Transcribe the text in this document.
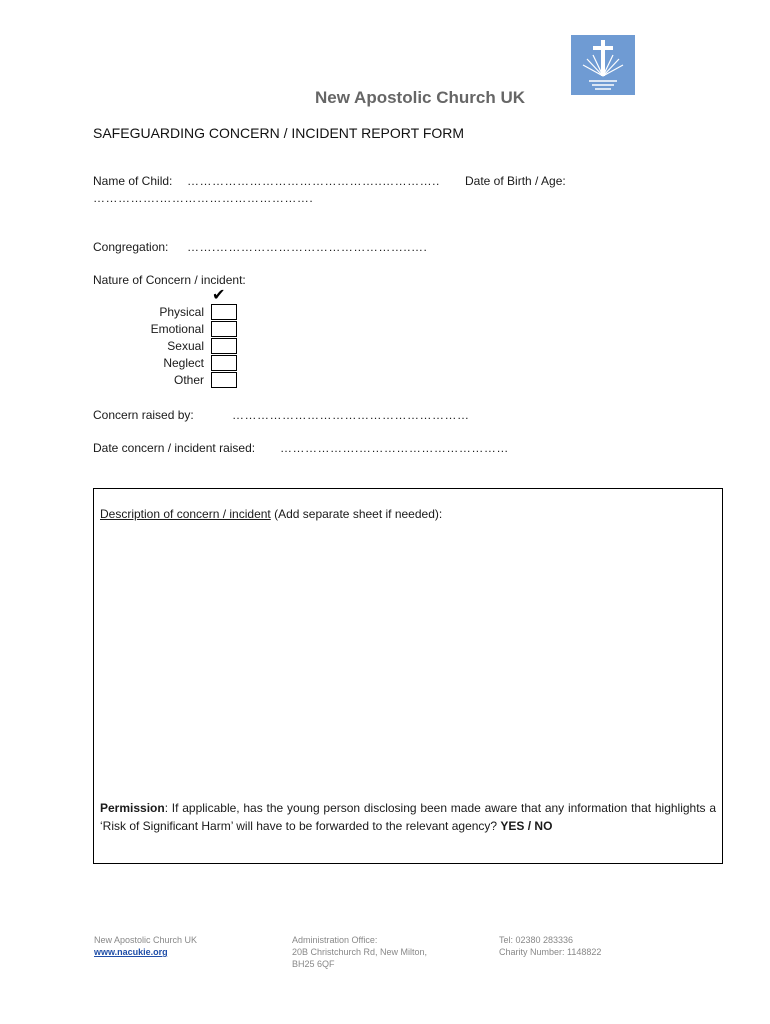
New Apostolic Church UK
SAFEGUARDING CONCERN / INCIDENT REPORT FORM
Name of Child: ………………………………………..………….. Date of Birth / Age:
…………….……………………………….
Congregation: …….………………………………………..….
Nature of Concern / incident:
✔
Physical
Emotional
Sexual
Neglect
Other
Concern raised by:	…………………………………………………
Date concern / incident raised: ……………….………………………………
Description of concern / incident (Add separate sheet if needed):
Permission: If applicable, has the young person disclosing been made aware that any information that highlights a ‘Risk of Significant Harm’ will have to be forwarded to the relevant agency? YES / NO
New Apostolic Church UK
www.nacukie.org
Administration Office:
20B Christchurch Rd, New Milton,
BH25 6QF
Tel: 02380 283336
Charity Number: 1148822
